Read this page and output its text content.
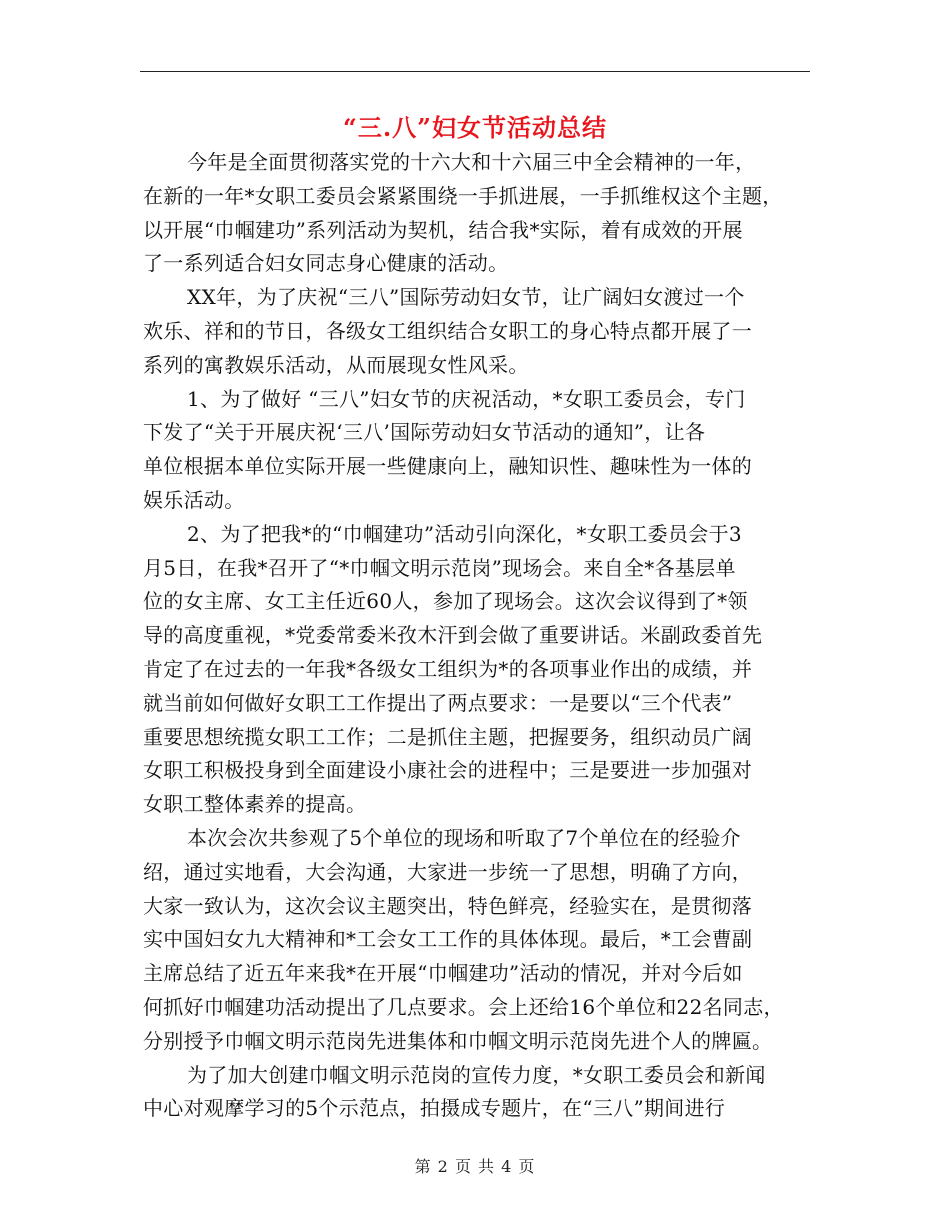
“三.八”妇女节活动总结
今年是全面贯彻落实党的十六大和十六届三中全会精神的一年，
在新的一年*女职工委员会紧紧围绕一手抓进展，一手抓维权这个主题，
以开展“巾帼建功”系列活动为契机，结合我*实际，着有成效的开展
了一系列适合妇女同志身心健康的活动。
XX年，为了庆祝“三八”国际劳动妇女节，让广阔妇女渡过一个
欢乐、祥和的节日，各级女工组织结合女职工的身心特点都开展了一
系列的寓教娱乐活动，从而展现女性风采。
1、为了做好 “三八”妇女节的庆祝活动，*女职工委员会，专门
下发了“关于开展庆祝‘三八’国际劳动妇女节活动的通知”，让各
单位根据本单位实际开展一些健康向上，融知识性、趣味性为一体的
娱乐活动。
2、为了把我*的“巾帼建功”活动引向深化，*女职工委员会于3
月5日，在我*召开了“*巾帼文明示范岗”现场会。来自全*各基层单
位的女主席、女工主任近60人，参加了现场会。这次会议得到了*领
导的高度重视，*党委常委米孜木汗到会做了重要讲话。米副政委首先
肯定了在过去的一年我*各级女工组织为*的各项事业作出的成绩，并
就当前如何做好女职工工作提出了两点要求：一是要以“三个代表”
重要思想统揽女职工工作；二是抓住主题，把握要务，组织动员广阔
女职工积极投身到全面建设小康社会的进程中；三是要进一步加强对
女职工整体素养的提高。
本次会次共参观了5个单位的现场和听取了7个单位在的经验介
绍，通过实地看，大会沟通，大家进一步统一了思想，明确了方向，
大家一致认为，这次会议主题突出，特色鲜亮，经验实在，是贯彻落
实中国妇女九大精神和*工会女工工作的具体体现。最后，*工会曹副
主席总结了近五年来我*在开展“巾帼建功”活动的情况，并对今后如
何抓好巾帼建功活动提出了几点要求。会上还给16个单位和22名同志，
分别授予巾帼文明示范岗先进集体和巾帼文明示范岗先进个人的牌匾。
为了加大创建巾帼文明示范岗的宣传力度，*女职工委员会和新闻
中心对观摩学习的5个示范点，拍摄成专题片，在“三八”期间进行
第 2 页 共 4 页
